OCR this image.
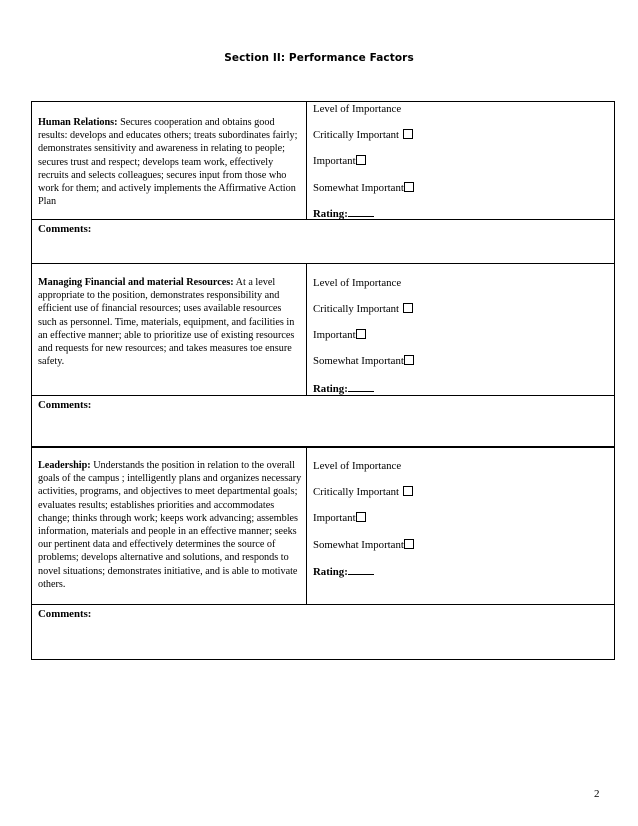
Section II: Performance Factors
Human Relations: Secures cooperation and obtains good results: develops and educates others; treats subordinates fairly; demonstrates sensitivity and awareness in relating to people; secures trust and respect; develops team work, effectively recruits and selects colleagues; secures input from those who work for them; and actively implements the Affirmative Action Plan
Level of Importance
Critically Important
Important
Somewhat Important
Rating:
Comments:
Managing Financial and material Resources: At a level appropriate to the position, demonstrates responsibility and efficient use of financial resources; uses available resources such as personnel. Time, materials, equipment, and facilities in an effective manner; able to prioritize use of existing resources and requests for new resources; and takes measures toe ensure safety.
Level of Importance
Critically Important
Important
Somewhat Important
Rating:
Comments:
Leadership: Understands the position in relation to the overall goals of the campus ; intelligently plans and organizes necessary activities, programs, and objectives to meet departmental goals; evaluates results; establishes priorities and accommodates change; thinks through work; keeps work advancing; assembles information, materials and people in an effective manner; seeks our pertinent data and effectively determines the source of problems; develops alternative and solutions, and responds to novel situations; demonstrates initiative, and is able to motivate others.
Level of Importance
Critically Important
Important
Somewhat Important
Rating:
Comments:
2
